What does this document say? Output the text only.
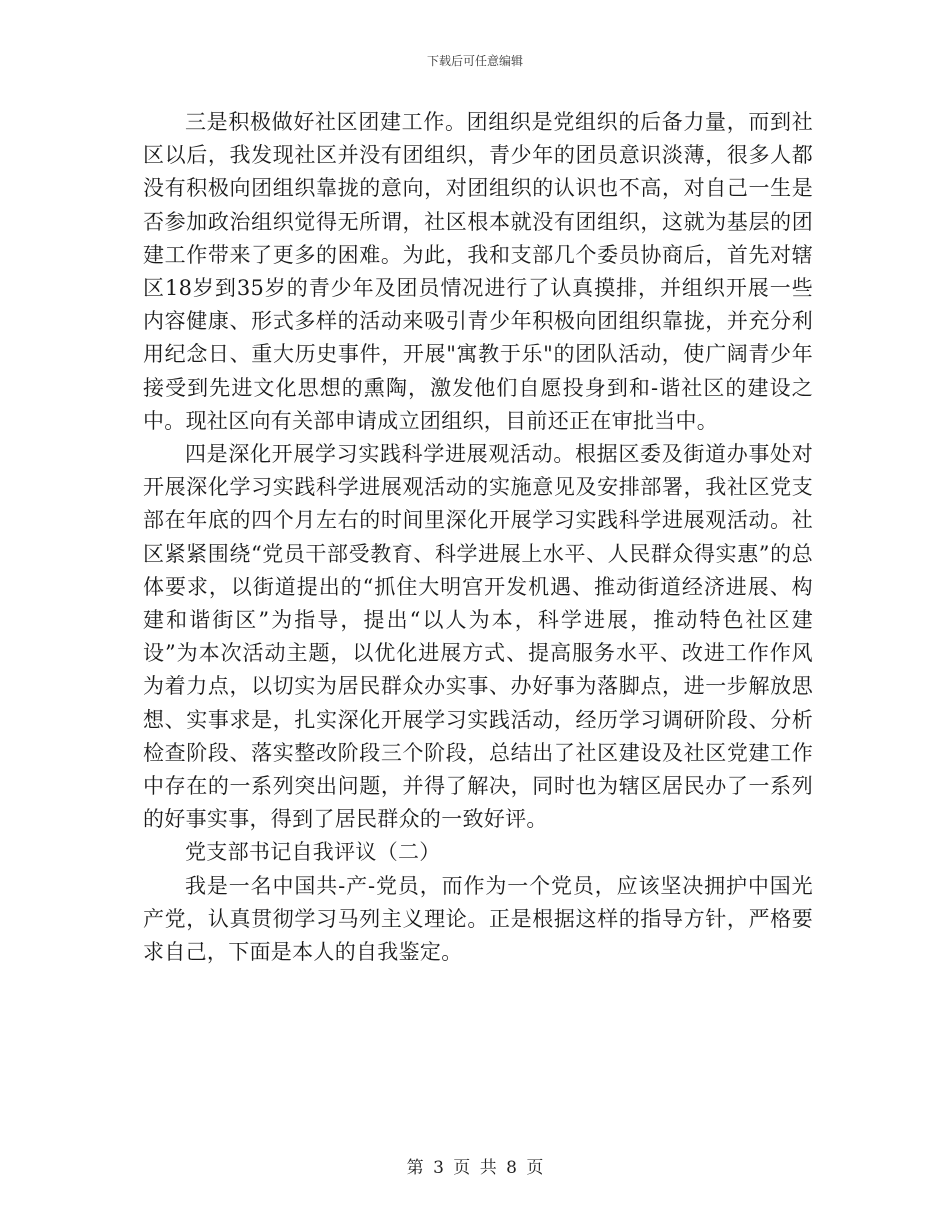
下载后可任意编辑

三是积极做好社区团建工作。团组织是党组织的后备力量，而到社区以后，我发现社区并没有团组织，青少年的团员意识淡薄，很多人都没有积极向团组织靠拢的意向，对团组织的认识也不高，对自己一生是否参加政治组织觉得无所谓，社区根本就没有团组织，这就为基层的团建工作带来了更多的困难。为此，我和支部几个委员协商后，首先对辖区18岁到35岁的青少年及团员情况进行了认真摸排，并组织开展一些内容健康、形式多样的活动来吸引青少年积极向团组织靠拢，并充分利用纪念日、重大历史事件，开展"寓教于乐"的团队活动，使广阔青少年接受到先进文化思想的熏陶，激发他们自愿投身到和-谐社区的建设之中。现社区向有关部申请成立团组织，目前还正在审批当中。

四是深化开展学习实践科学进展观活动。根据区委及街道办事处对开展深化学习实践科学进展观活动的实施意见及安排部署，我社区党支部在年底的四个月左右的时间里深化开展学习实践科学进展观活动。社区紧紧围绕“党员干部受教育、科学进展上水平、人民群众得实惠”的总体要求，以街道提出的“抓住大明宫开发机遇、推动街道经济进展、构建和谐街区”为指导，提出“以人为本，科学进展，推动特色社区建设”为本次活动主题，以优化进展方式、提高服务水平、改进工作作风为着力点，以切实为居民群众办实事、办好事为落脚点，进一步解放思想、实事求是，扎实深化开展学习实践活动，经历学习调研阶段、分析检查阶段、落实整改阶段三个阶段，总结出了社区建设及社区党建工作中存在的一系列突出问题，并得了解决，同时也为辖区居民办了一系列的好事实事，得到了居民群众的一致好评。

党支部书记自我评议（二）

我是一名中国共-产-党员，而作为一个党员，应该坚决拥护中国光产党，认真贯彻学习马列主义理论。正是根据这样的指导方针，严格要求自己，下面是本人的自我鉴定。

第 3 页 共 8 页
